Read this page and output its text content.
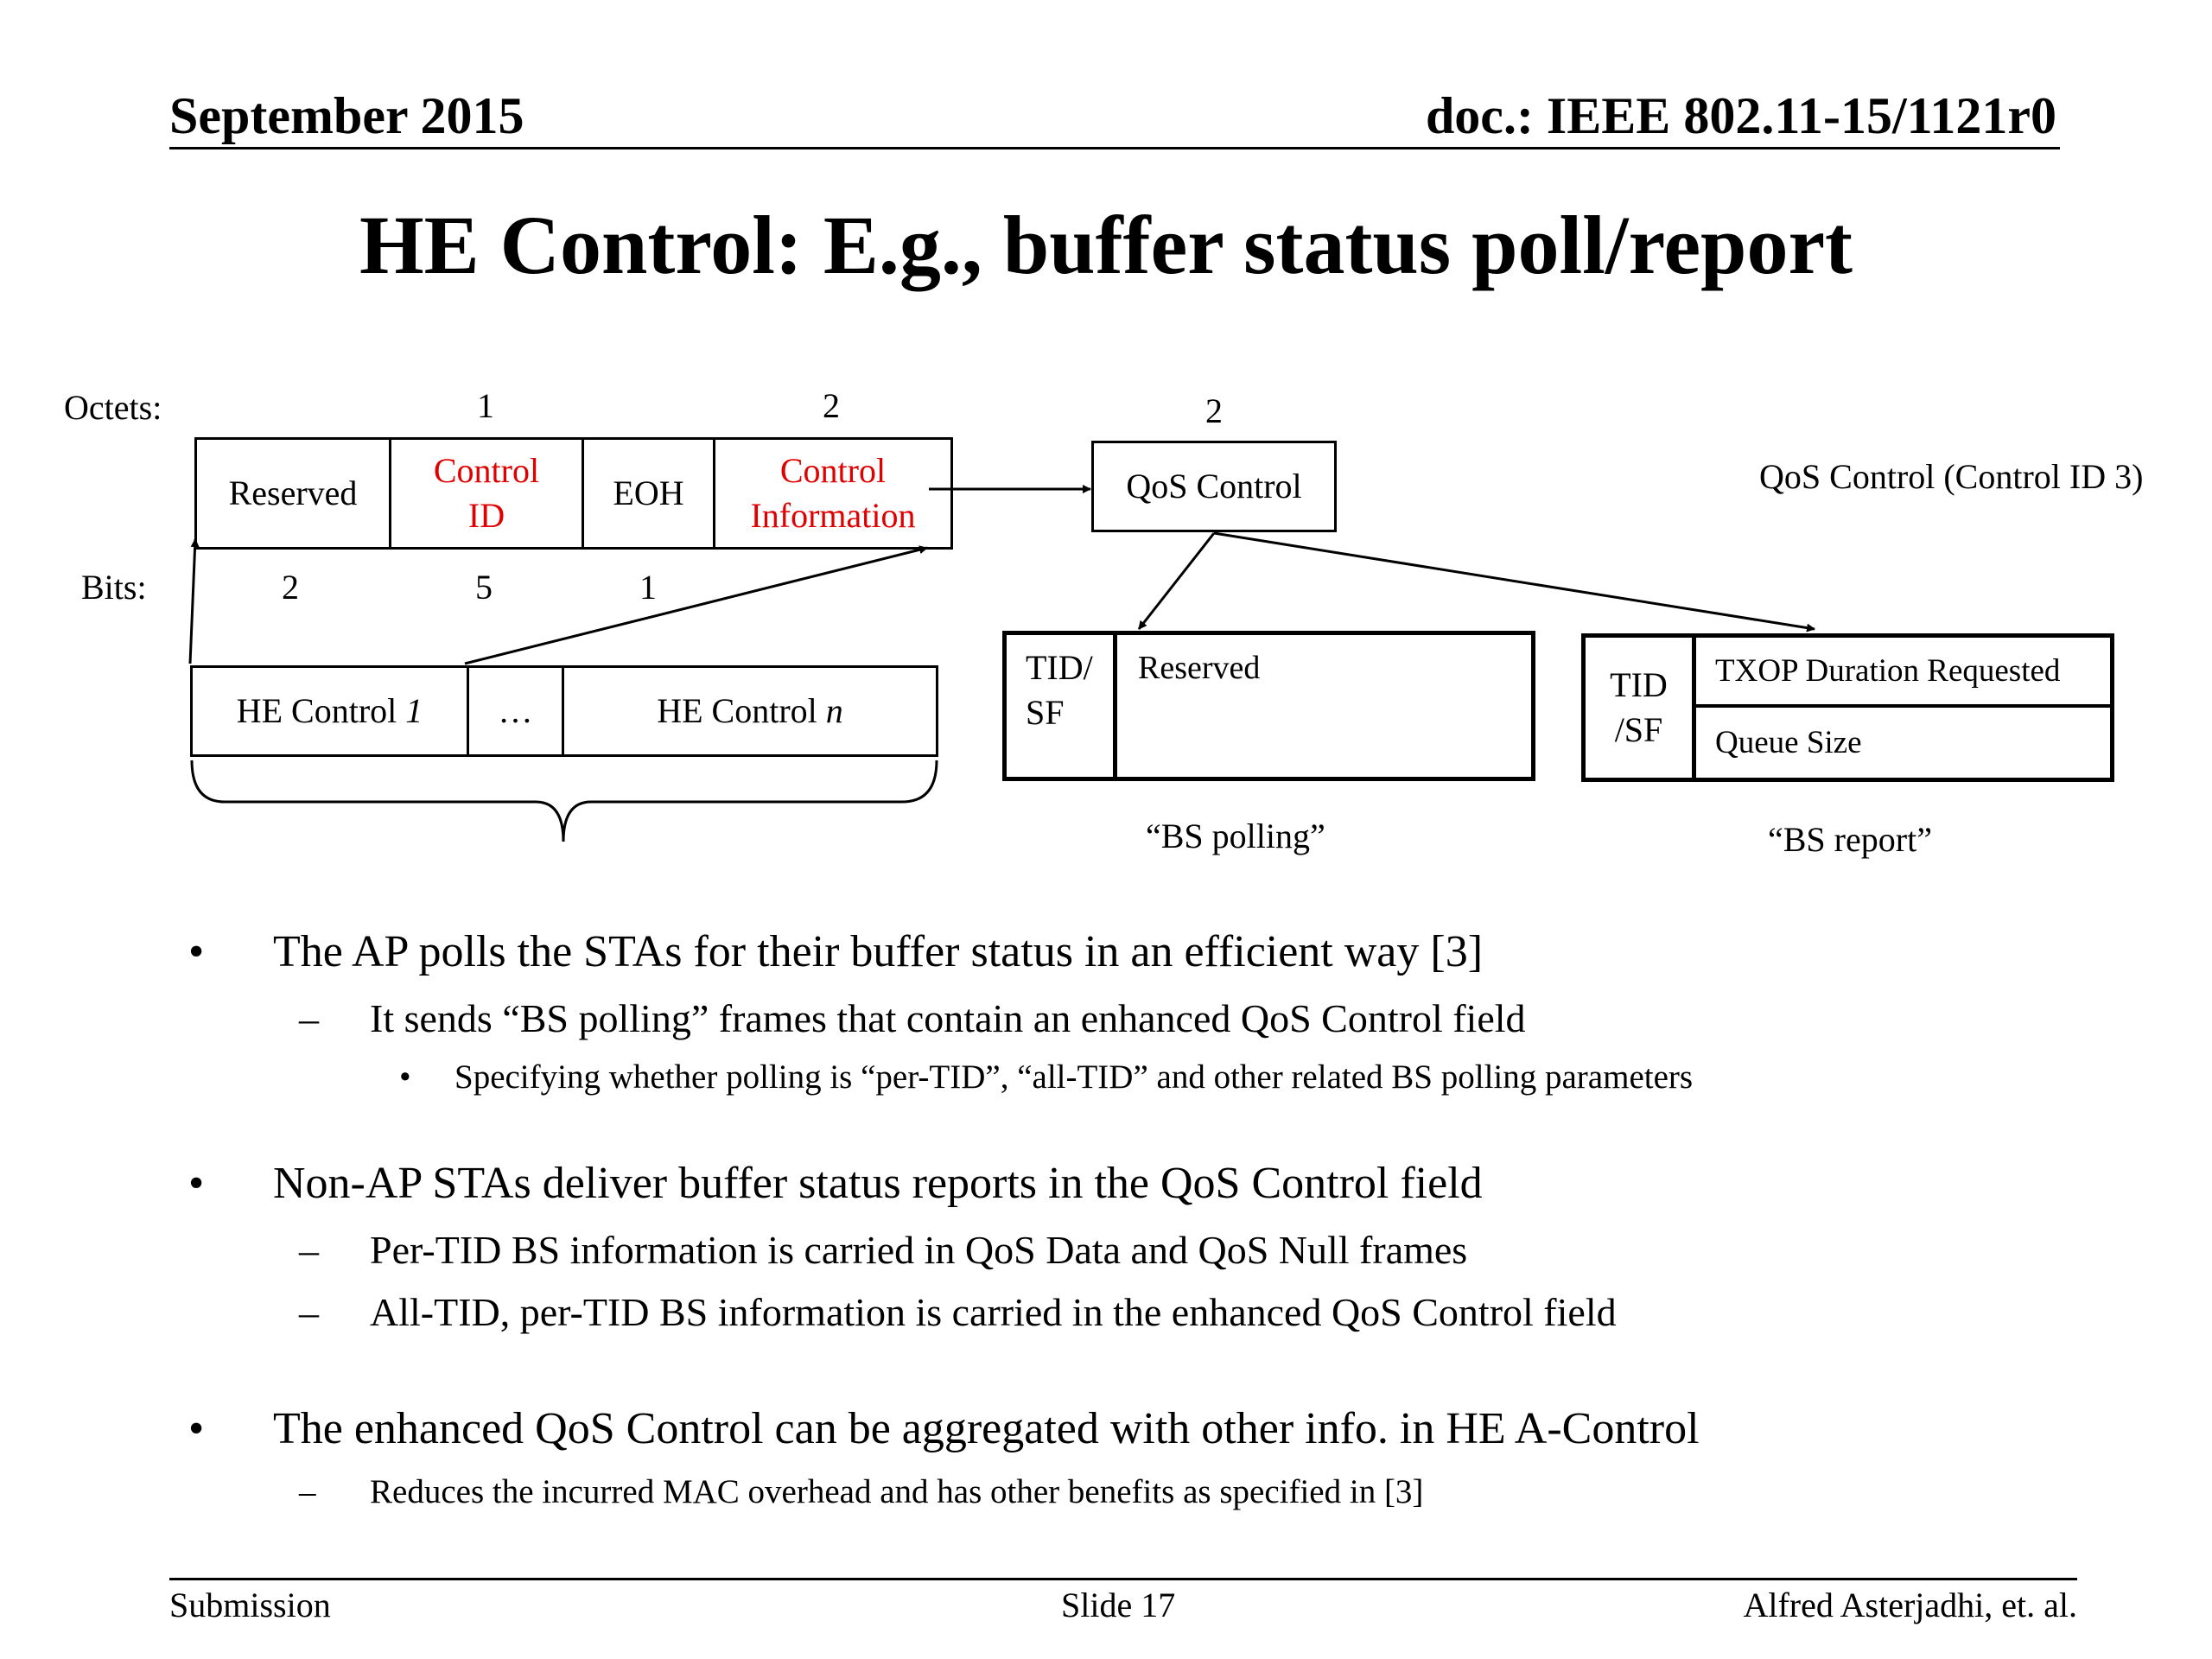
September 2015	doc.: IEEE 802.11-15/1121r0
HE Control: E.g., buffer status poll/report
Octets:	1	2	2
Bits:	2	5	1
Reserved
Control
ID
EOH
Control
Information
QoS Control	QoS Control (Control ID 3)
HE Control
1 …	HE Control
n
TID/
SF
Reserved
“BS polling”
TID
/SF
TXOP Duration Requested
Queue Size
“BS report”
• The AP polls the STAs for their buffer status in an efficient way [3]
– It sends “BS polling” frames that contain an enhanced QoS Control field
• Specifying whether polling is “per-TID”, “all-TID” and other related BS polling parameters
• Non-AP STAs deliver buffer status reports in the QoS Control field
– Per-TID BS information is carried in QoS Data and QoS Null frames
– All-TID, per-TID BS information is carried in the enhanced QoS Control field
• The enhanced QoS Control can be aggregated with other info. in HE A-Control
– Reduces the incurred MAC overhead and has other benefits as specified in [3]
Submission	Slide 17	Alfred Asterjadhi, et. al.
